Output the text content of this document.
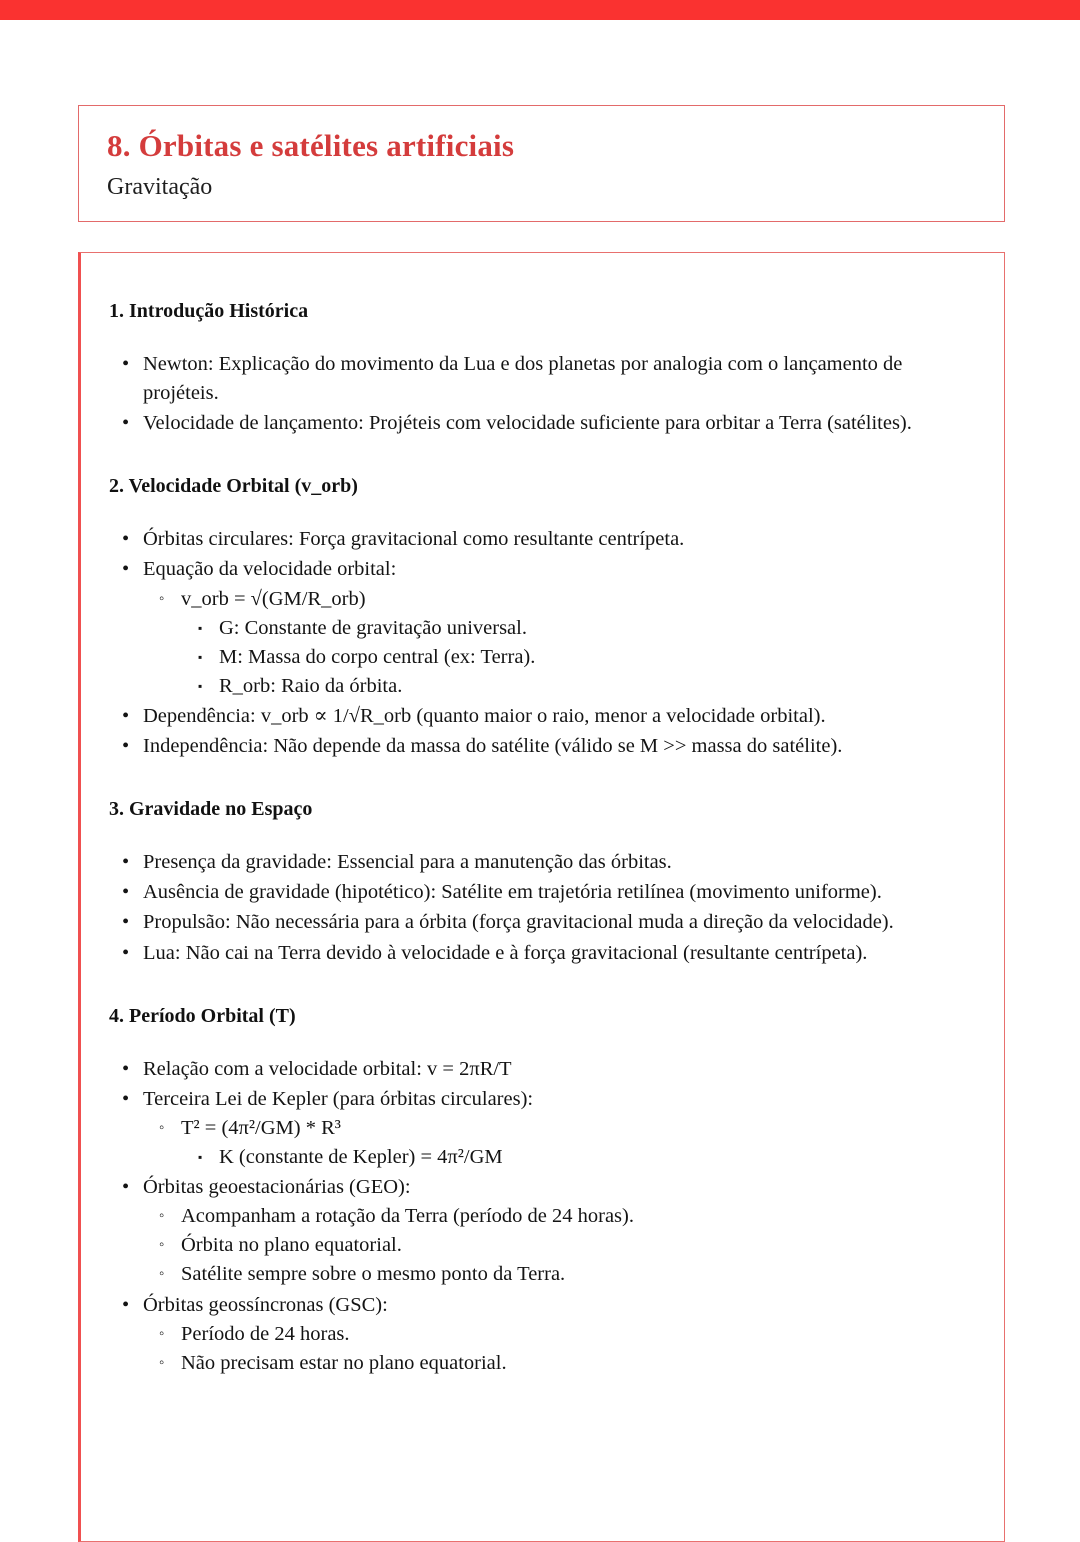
8. Órbitas e satélites artificiais
Gravitação
1. Introdução Histórica
• Newton: Explicação do movimento da Lua e dos planetas por analogia com o lançamento de projéteis.
• Velocidade de lançamento: Projéteis com velocidade suficiente para orbitar a Terra (satélites).
2. Velocidade Orbital (v_orb)
• Órbitas circulares: Força gravitacional como resultante centrípeta.
• Equação da velocidade orbital:
◦ v_orb = √(GM/R_orb)
▪ G: Constante de gravitação universal.
▪ M: Massa do corpo central (ex: Terra).
▪ R_orb: Raio da órbita.
• Dependência: v_orb ∝ 1/√R_orb (quanto maior o raio, menor a velocidade orbital).
• Independência: Não depende da massa do satélite (válido se M >> massa do satélite).
3. Gravidade no Espaço
• Presença da gravidade: Essencial para a manutenção das órbitas.
• Ausência de gravidade (hipotético): Satélite em trajetória retilínea (movimento uniforme).
• Propulsão: Não necessária para a órbita (força gravitacional muda a direção da velocidade).
• Lua: Não cai na Terra devido à velocidade e à força gravitacional (resultante centrípeta).
4. Período Orbital (T)
• Relação com a velocidade orbital: v = 2πR/T
• Terceira Lei de Kepler (para órbitas circulares):
◦ T² = (4π²/GM) * R³
▪ K (constante de Kepler) = 4π²/GM
• Órbitas geoestacionárias (GEO):
◦ Acompanham a rotação da Terra (período de 24 horas).
◦ Órbita no plano equatorial.
◦ Satélite sempre sobre o mesmo ponto da Terra.
• Órbitas geossíncronas (GSC):
◦ Período de 24 horas.
◦ Não precisam estar no plano equatorial.
